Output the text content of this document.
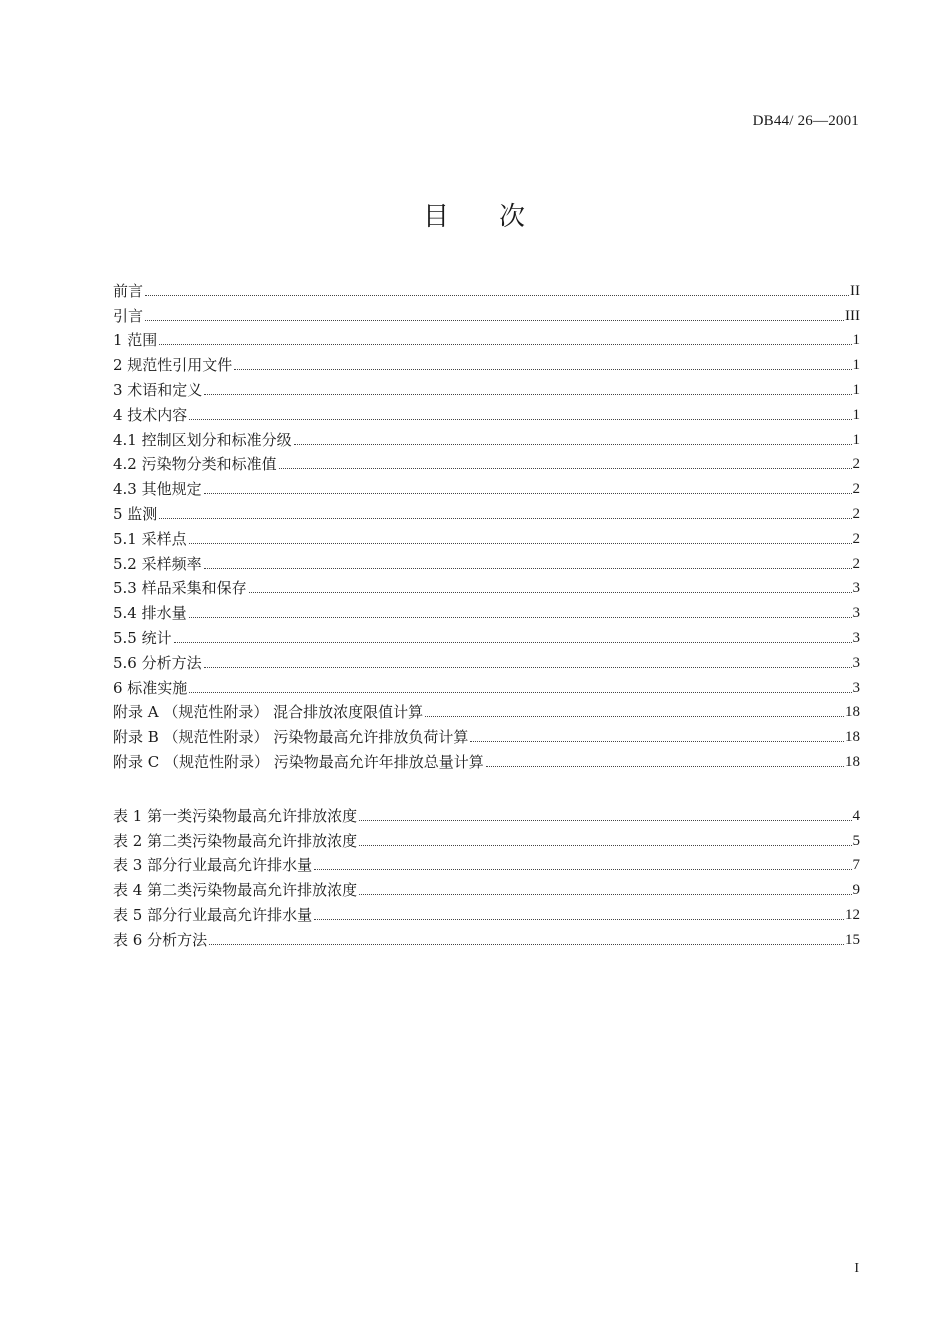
DB44/ 26—2001
目 次
前言	II
引言	III
1 范围	1
2 规范性引用文件	1
3 术语和定义	1
4 技术内容	1
4.1 控制区划分和标准分级	1
4.2 污染物分类和标准值	2
4.3 其他规定	2
5 监测	2
5.1 采样点	2
5.2 采样频率	2
5.3 样品采集和保存	3
5.4 排水量	3
5.5 统计	3
5.6 分析方法	3
6 标准实施	3
附录 A （规范性附录） 混合排放浓度限值计算	18
附录 B （规范性附录） 污染物最高允许排放负荷计算	18
附录 C （规范性附录） 污染物最高允许年排放总量计算	18
表 1 第一类污染物最高允许排放浓度	4
表 2 第二类污染物最高允许排放浓度	5
表 3 部分行业最高允许排水量	7
表 4 第二类污染物最高允许排放浓度	9
表 5 部分行业最高允许排水量	12
表 6 分析方法	15
I
